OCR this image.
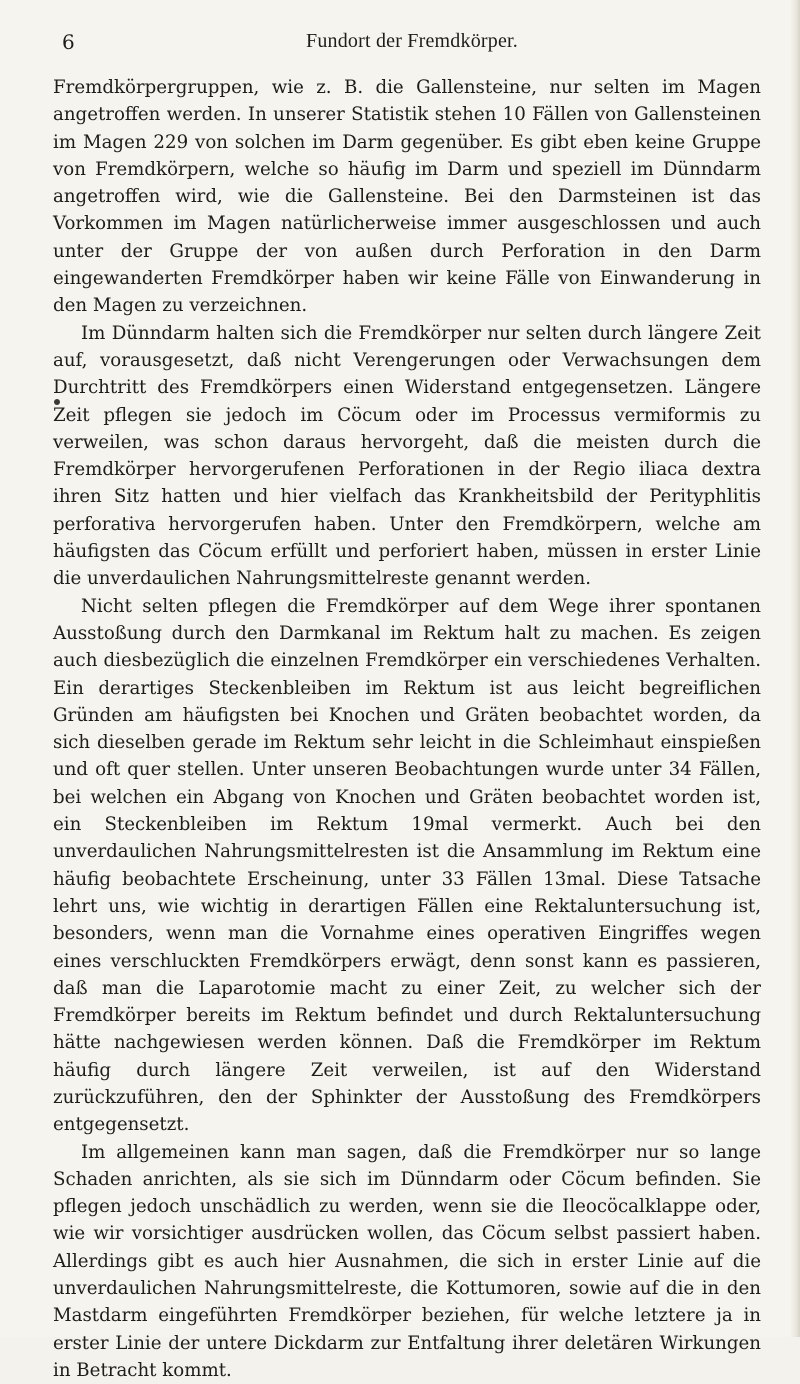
6	Fundort der Fremdkörper.

Fremdkörpergruppen, wie z. B. die Gallensteine, nur selten im Magen angetroffen werden. In unserer Statistik stehen 10 Fällen von Gallensteinen im Magen 229 von solchen im Darm gegenüber. Es gibt eben keine Gruppe von Fremdkörpern, welche so häufig im Darm und speziell im Dünndarm angetroffen wird, wie die Gallensteine. Bei den Darmsteinen ist das Vorkommen im Magen natürlicherweise immer ausgeschlossen und auch unter der Gruppe der von außen durch Perforation in den Darm eingewanderten Fremdkörper haben wir keine Fälle von Einwanderung in den Magen zu verzeichnen.

Im Dünndarm halten sich die Fremdkörper nur selten durch längere Zeit auf, vorausgesetzt, daß nicht Verengerungen oder Verwachsungen dem Durchtritt des Fremdkörpers einen Widerstand entgegensetzen. Längere Zeit pflegen sie jedoch im Cöcum oder im Processus vermiformis zu verweilen, was schon daraus hervorgeht, daß die meisten durch die Fremdkörper hervorgerufenen Perforationen in der Regio iliaca dextra ihren Sitz hatten und hier vielfach das Krankheitsbild der Perityphlitis perforativa hervorgerufen haben. Unter den Fremdkörpern, welche am häufigsten das Cöcum erfüllt und perforiert haben, müssen in erster Linie die unverdaulichen Nahrungsmittelreste genannt werden.

Nicht selten pflegen die Fremdkörper auf dem Wege ihrer spontanen Ausstoßung durch den Darmkanal im Rektum halt zu machen. Es zeigen auch diesbezüglich die einzelnen Fremdkörper ein verschiedenes Verhalten. Ein derartiges Steckenbleiben im Rektum ist aus leicht begreiflichen Gründen am häufigsten bei Knochen und Gräten beobachtet worden, da sich dieselben gerade im Rektum sehr leicht in die Schleimhaut einspießen und oft quer stellen. Unter unseren Beobachtungen wurde unter 34 Fällen, bei welchen ein Abgang von Knochen und Gräten beobachtet worden ist, ein Steckenbleiben im Rektum 19mal vermerkt. Auch bei den unverdaulichen Nahrungsmittelresten ist die Ansammlung im Rektum eine häufig beobachtete Erscheinung, unter 33 Fällen 13mal. Diese Tatsache lehrt uns, wie wichtig in derartigen Fällen eine Rektaluntersuchung ist, besonders, wenn man die Vornahme eines operativen Eingriffes wegen eines verschluckten Fremdkörpers erwägt, denn sonst kann es passieren, daß man die Laparotomie macht zu einer Zeit, zu welcher sich der Fremdkörper bereits im Rektum befindet und durch Rektaluntersuchung hätte nachgewiesen werden können. Daß die Fremdkörper im Rektum häufig durch längere Zeit verweilen, ist auf den Widerstand zurückzuführen, den der Sphinkter der Ausstoßung des Fremdkörpers entgegensetzt.

Im allgemeinen kann man sagen, daß die Fremdkörper nur so lange Schaden anrichten, als sie sich im Dünndarm oder Cöcum befinden. Sie pflegen jedoch unschädlich zu werden, wenn sie die Ileocöcalklappe oder, wie wir vorsichtiger ausdrücken wollen, das Cöcum selbst passiert haben. Allerdings gibt es auch hier Ausnahmen, die sich in erster Linie auf die unverdaulichen Nahrungsmittelreste, die Kottumoren, sowie auf die in den Mastdarm eingeführten Fremdkörper beziehen, für welche letztere ja in erster Linie der untere Dickdarm zur Entfaltung ihrer deletären Wirkungen in Betracht kommt.
